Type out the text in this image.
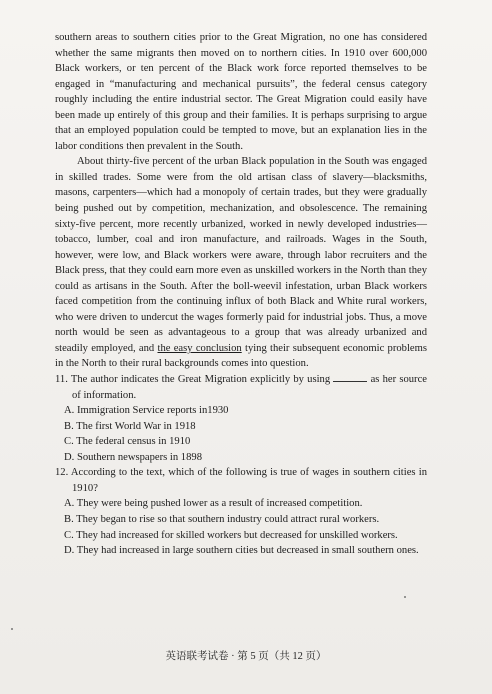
southern areas to southern cities prior to the Great Migration, no one has considered whether the same migrants then moved on to northern cities. In 1910 over 600,000 Black workers, or ten percent of the Black work force reported themselves to be engaged in “manufacturing and mechanical pursuits”, the federal census category roughly including the entire industrial sector. The Great Migration could easily have been made up entirely of this group and their families. It is perhaps surprising to argue that an employed population could be tempted to move, but an explanation lies in the labor conditions then prevalent in the South.

About thirty-five percent of the urban Black population in the South was engaged in skilled trades. Some were from the old artisan class of slavery—blacksmiths, masons, carpenters—which had a monopoly of certain trades, but they were gradually being pushed out by competition, mechanization, and obsolescence. The remaining sixty-five percent, more recently urbanized, worked in newly developed industries—tobacco, lumber, coal and iron manufacture, and railroads. Wages in the South, however, were low, and Black workers were aware, through labor recruiters and the Black press, that they could earn more even as unskilled workers in the North than they could as artisans in the South. After the boll-weevil infestation, urban Black workers faced competition from the continuing influx of both Black and White rural workers, who were driven to undercut the wages formerly paid for industrial jobs. Thus, a move north would be seen as advantageous to a group that was already urbanized and steadily employed, and the easy conclusion tying their subsequent economic problems in the North to their rural backgrounds comes into question.

11. The author indicates the Great Migration explicitly by using	as her source of information.
A. Immigration Service reports in1930
B. The first World War in 1918
C. The federal census in 1910
D. Southern newspapers in 1898
12. According to the text, which of the following is true of wages in southern cities in 1910?
A. They were being pushed lower as a result of increased competition.
B. They began to rise so that southern industry could attract rural workers.
C. They had increased for skilled workers but decreased for unskilled workers.
D. They had increased in large southern cities but decreased in small southern ones.
英语联考试卷 · 第 5 页（共 12 页）
